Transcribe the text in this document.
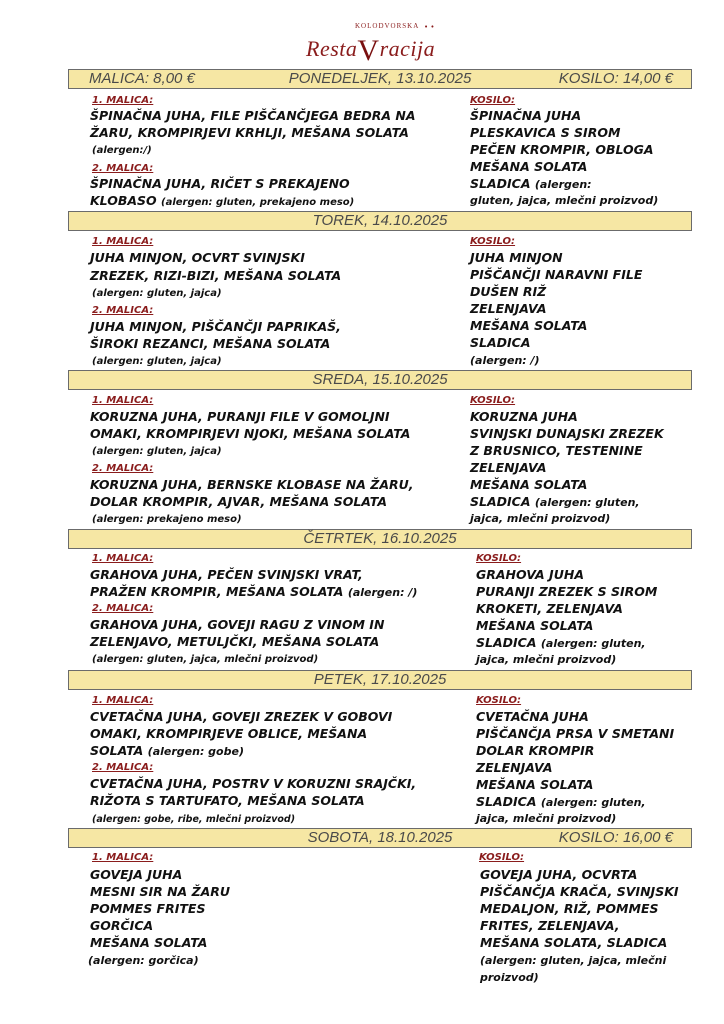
KOLODVORSKA • •
RestaVracija
PONEDELJEK, 13.10.2025
MALICA: 8,00 €	KOSILO: 14,00 €
1. MALICA:
ŠPINAČNA JUHA, FILE PIŠČANČJEGA BEDRA NA
ŽARU, KROMPIRJEVI KRHLJI, MEŠANA SOLATA
(alergen:/)
2. MALICA:
ŠPINAČNA JUHA, RIČET S PREKAJENO
KLOBASO (alergen: gluten, prekajeno meso)
KOSILO:
ŠPINAČNA JUHA
PLESKAVICA S SIROM
PEČEN KROMPIR, OBLOGA
MEŠANA SOLATA
SLADICA (alergen:
gluten, jajca, mlečni proizvod)
TOREK, 14.10.2025
1. MALICA:
JUHA MINJON, OCVRT SVINJSKI
ZREZEK, RIZI-BIZI, MEŠANA SOLATA
(alergen: gluten, jajca)
2. MALICA:
JUHA MINJON, PIŠČANČJI PAPRIKAŠ,
ŠIROKI REZANCI, MEŠANA SOLATA
(alergen: gluten, jajca)
KOSILO:
JUHA MINJON
PIŠČANČJI NARAVNI FILE
DUŠEN RIŽ
ZELENJAVA
MEŠANA SOLATA
SLADICA
(alergen: /)
SREDA, 15.10.2025
1. MALICA:
KORUZNA JUHA, PURANJI FILE V GOMOLJNI
OMAKI, KROMPIRJEVI NJOKI, MEŠANA SOLATA
(alergen: gluten, jajca)
2. MALICA:
KORUZNA JUHA, BERNSKE KLOBASE NA ŽARU,
DOLAR KROMPIR, AJVAR, MEŠANA SOLATA
(alergen: prekajeno meso)
KOSILO:
KORUZNA JUHA
SVINJSKI DUNAJSKI ZREZEK
Z BRUSNICO, TESTENINE
ZELENJAVA
MEŠANA SOLATA
SLADICA (alergen: gluten,
jajca, mlečni proizvod)
ČETRTEK, 16.10.2025
1. MALICA:
GRAHOVA JUHA, PEČEN SVINJSKI VRAT,
PRAŽEN KROMPIR, MEŠANA SOLATA (alergen: /)
2. MALICA:
GRAHOVA JUHA, GOVEJI RAGU Z VINOM IN
ZELENJAVO, METULJČKI, MEŠANA SOLATA
(alergen: gluten, jajca, mlečni proizvod)
KOSILO:
GRAHOVA JUHA
PURANJI ZREZEK S SIROM
KROKETI, ZELENJAVA
MEŠANA SOLATA
SLADICA (alergen: gluten,
jajca, mlečni proizvod)
PETEK, 17.10.2025
1. MALICA:
CVETAČNA JUHA, GOVEJI ZREZEK V GOBOVI
OMAKI, KROMPIRJEVE OBLICE, MEŠANA
SOLATA (alergen: gobe)
2. MALICA:
CVETAČNA JUHA, POSTRV V KORUZNI SRAJČKI,
RIŽOTA S TARTUFATO, MEŠANA SOLATA
(alergen: gobe, ribe, mlečni proizvod)
KOSILO:
CVETAČNA JUHA
PIŠČANČJA PRSA V SMETANI
DOLAR KROMPIR
ZELENJAVA
MEŠANA SOLATA
SLADICA (alergen: gluten,
jajca, mlečni proizvod)
SOBOTA, 18.10.2025	KOSILO: 16,00 €
1. MALICA:
GOVEJA JUHA
MESNI SIR NA ŽARU
POMMES FRITES
GORČICA
MEŠANA SOLATA
(alergen: gorčica)
KOSILO:
GOVEJA JUHA, OCVRTA
PIŠČANČJA KRAČA, SVINJSKI
MEDALJON, RIŽ, POMMES
FRITES, ZELENJAVA,
MEŠANA SOLATA, SLADICA
(alergen: gluten, jajca, mlečni
proizvod)
